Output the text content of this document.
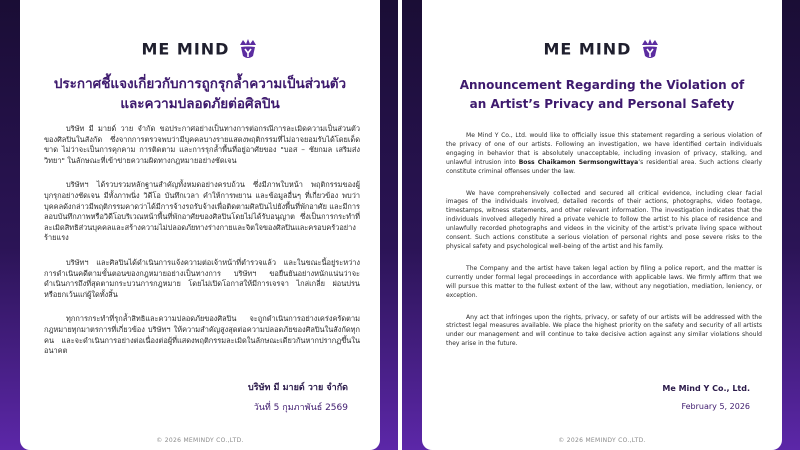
ME MIND
ประกาศชี้แจงเกี่ยวกับการถูกรุกล้ำความเป็นส่วนตัว
และความปลอดภัยต่อศิลปิน

บริษัท มี มายด์ วาย จำกัด ขอประกาศอย่างเป็นทางการต่อกรณีการละเมิดความเป็นส่วนตัวของศิลปินในสังกัด ซึ่งจากการตรวจพบว่ามีบุคคลบางรายแสดงพฤติกรรมที่ไม่อาจยอมรับได้โดยเด็ดขาด ไม่ว่าจะเป็นการคุกคาม การติดตาม และการรุกล้ำพื้นที่อยู่อาศัยของ "บอส – ชัยกมล เสริมส่งวิทยา" ในลักษณะที่เข้าข่ายความผิดทางกฎหมายอย่างชัดเจน

บริษัทฯ ได้รวบรวมหลักฐานสำคัญทั้งหมดอย่างครบถ้วน ซึ่งมีภาพใบหน้า พฤติกรรมของผู้บุกรุกอย่างชัดเจน มีทั้งภาพนิ่ง วิดีโอ บันทึกเวลา คำให้การพยาน และข้อมูลอื่นๆ ที่เกี่ยวข้อง พบว่าบุคคลดังกล่าวมีพฤติกรรมคาดว่าได้มีการจ้างรถรับจ้างเพื่อติดตามศิลปินไปยังพื้นที่พักอาศัย และมีการลอบบันทึกภาพหรือวิดีโอบริเวณหน้าพื้นที่พักอาศัยของศิลปินโดยไม่ได้รับอนุญาต ซึ่งเป็นการกระทำที่ละเมิดสิทธิส่วนบุคคลและสร้างความไม่ปลอดภัยทางร่างกายและจิตใจของศิลปินและครอบครัวอย่างร้ายแรง

บริษัทฯ และศิลปินได้ดำเนินการแจ้งความต่อเจ้าหน้าที่ตำรวจแล้ว และในขณะนี้อยู่ระหว่างการดำเนินคดีตามขั้นตอนของกฎหมายอย่างเป็นทางการ บริษัทฯ ขอยืนยันอย่างหนักแน่นว่าจะดำเนินการถึงที่สุดตามกระบวนการกฎหมาย โดยไม่เปิดโอกาสให้มีการเจรจา ไกล่เกลี่ย ผ่อนปรน หรือยกเว้นแก่ผู้ใดทั้งสิ้น

ทุกการกระทำที่รุกล้ำสิทธิและความปลอดภัยของศิลปิน จะถูกดำเนินการอย่างเคร่งครัดตามกฎหมายทุกมาตรการที่เกี่ยวข้อง บริษัทฯ ให้ความสำคัญสูงสุดต่อความปลอดภัยของศิลปินในสังกัดทุกคน และจะดำเนินการอย่างต่อเนื่องต่อผู้ที่แสดงพฤติกรรมละเมิดในลักษณะเดียวกันหากปรากฏขึ้นในอนาคต

บริษัท มี มายด์ วาย จำกัด
วันที่ 5 กุมภาพันธ์ 2569
© 2026 MEMINDY CO.,LTD.
ME MIND
Announcement Regarding the Violation of
an Artist’s Privacy and Personal Safety

Me Mind Y Co., Ltd. would like to officially issue this statement regarding a serious violation of the privacy of one of our artists. Following an investigation, we have identified certain individuals engaging in behavior that is absolutely unacceptable, including invasion of privacy, stalking, and unlawful intrusion into Boss Chaikamon Sermsongwittaya’s residential area. Such actions clearly constitute criminal offenses under the law.

We have comprehensively collected and secured all critical evidence, including clear facial images of the individuals involved, detailed records of their actions, photographs, video footage, timestamps, witness statements, and other relevant information. The investigation indicates that the individuals involved allegedly hired a private vehicle to follow the artist to his place of residence and unlawfully recorded photographs and videos in the vicinity of the artist’s private living space without consent. Such actions constitute a serious violation of personal rights and pose severe risks to the physical safety and psychological well-being of the artist and his family.

The Company and the artist have taken legal action by filing a police report, and the matter is currently under formal legal proceedings in accordance with applicable laws. We firmly affirm that we will pursue this matter to the fullest extent of the law, without any negotiation, mediation, leniency, or exception.

Any act that infringes upon the rights, privacy, or safety of our artists will be addressed with the strictest legal measures available. We place the highest priority on the safety and security of all artists under our management and will continue to take decisive action against any similar violations should they arise in the future.

Me Mind Y Co., Ltd.
February 5, 2026
© 2026 MEMINDY CO.,LTD.
